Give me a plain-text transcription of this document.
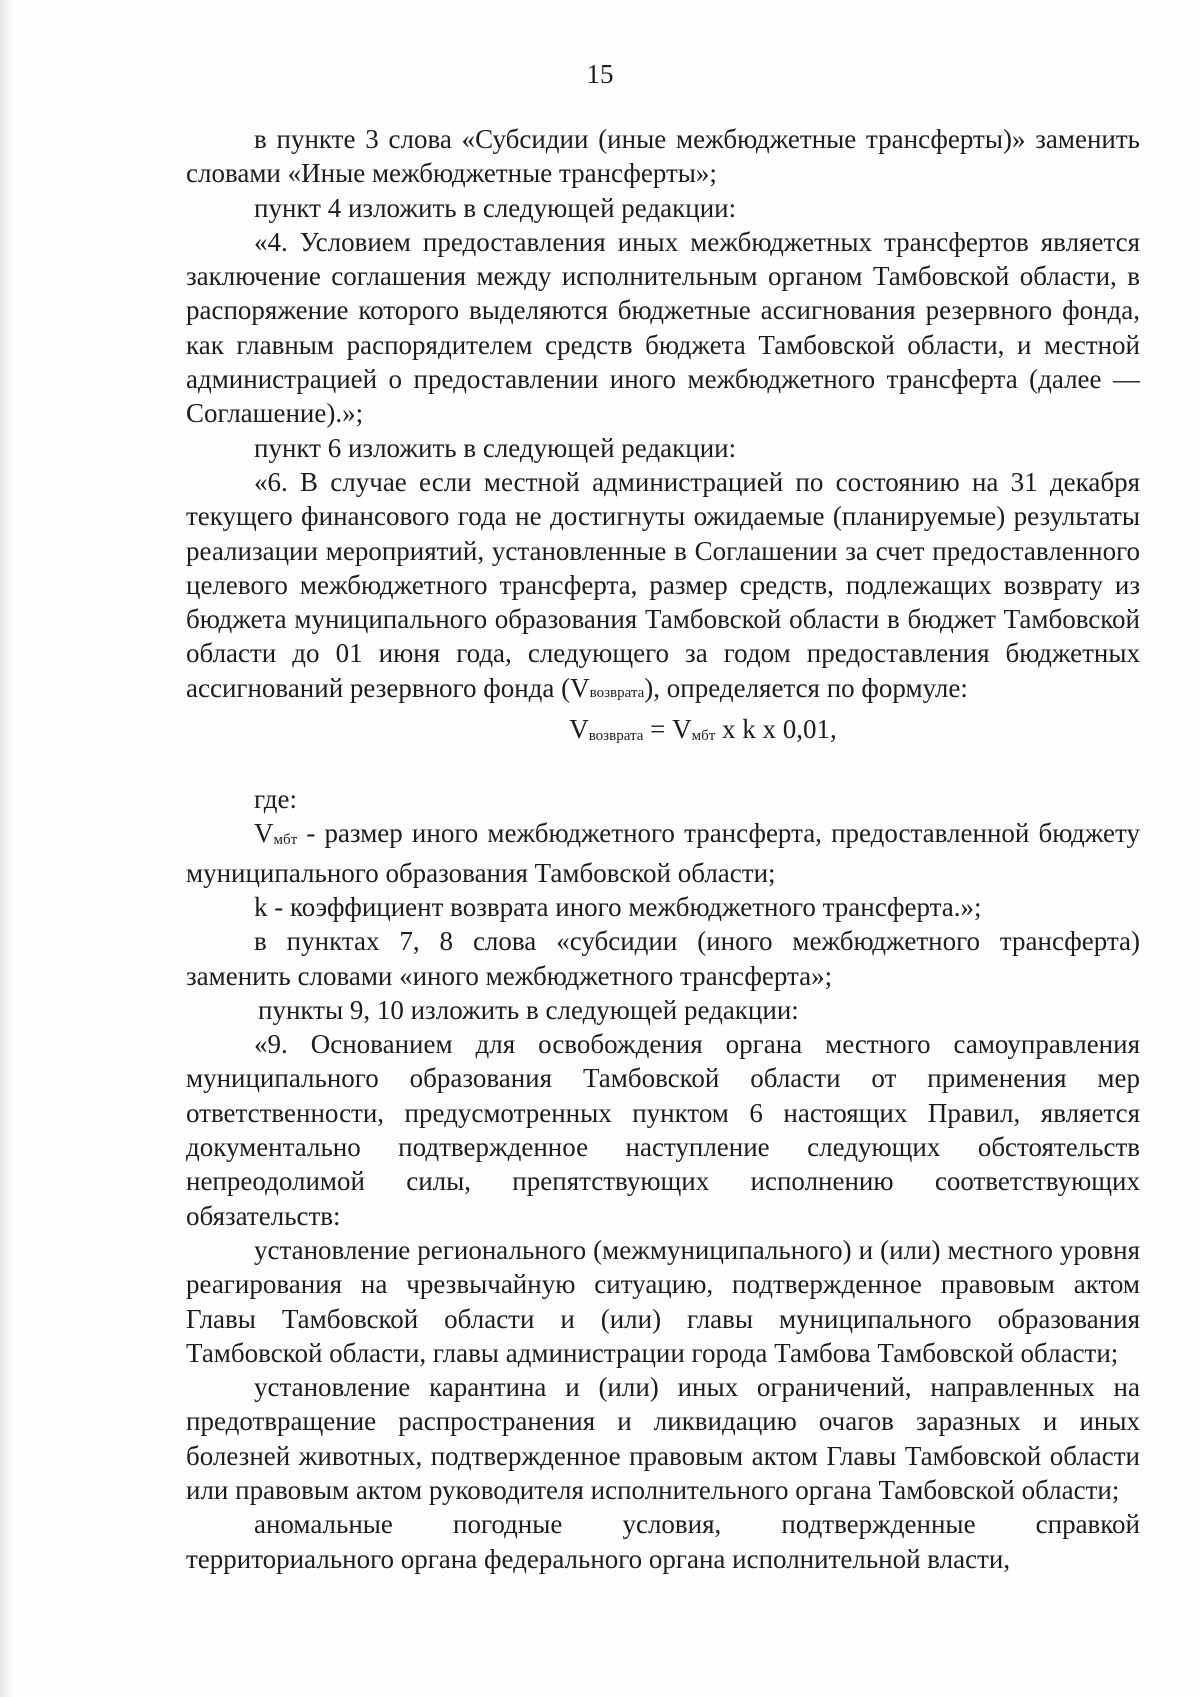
15

в пункте 3 слова «Субсидии (иные межбюджетные трансферты)» заменить словами «Иные межбюджетные трансферты»;

пункт 4 изложить в следующей редакции:

«4. Условием предоставления иных межбюджетных трансфертов является заключение соглашения между исполнительным органом Тамбовской области, в распоряжение которого выделяются бюджетные ассигнования резервного фонда, как главным распорядителем средств бюджета Тамбовской области, и местной администрацией о предоставлении иного межбюджетного трансферта (далее — Соглашение).»;

пункт 6 изложить в следующей редакции:

«6. В случае если местной администрацией по состоянию на 31 декабря текущего финансового года не достигнуты ожидаемые (планируемые) результаты реализации мероприятий, установленные в Соглашении за счет предоставленного целевого межбюджетного трансферта, размер средств, подлежащих возврату из бюджета муниципального образования Тамбовской области в бюджет Тамбовской области до 01 июня года, следующего за годом предоставления бюджетных ассигнований резервного фонда (Vвозврата), определяется по формуле:

Vвозврата = Vмбт x k x 0,01,

где:

Vмбт - размер иного межбюджетного трансферта, предоставленной бюджету муниципального образования Тамбовской области;

k - коэффициент возврата иного межбюджетного трансферта.»;

в пунктах 7, 8 слова «субсидии (иного межбюджетного трансферта) заменить словами «иного межбюджетного трансферта»;

пункты 9, 10 изложить в следующей редакции:

«9. Основанием для освобождения органа местного самоуправления муниципального образования Тамбовской области от применения мер ответственности, предусмотренных пунктом 6 настоящих Правил, является документально подтвержденное наступление следующих обстоятельств непреодолимой силы, препятствующих исполнению соответствующих обязательств:

установление регионального (межмуниципального) и (или) местного уровня реагирования на чрезвычайную ситуацию, подтвержденное правовым актом Главы Тамбовской области и (или) главы муниципального образования Тамбовской области, главы администрации города Тамбова Тамбовской области;

установление карантина и (или) иных ограничений, направленных на предотвращение распространения и ликвидацию очагов заразных и иных болезней животных, подтвержденное правовым актом Главы Тамбовской области или правовым актом руководителя исполнительного органа Тамбовской области;

аномальные погодные условия, подтвержденные справкой территориального органа федерального органа исполнительной власти,
